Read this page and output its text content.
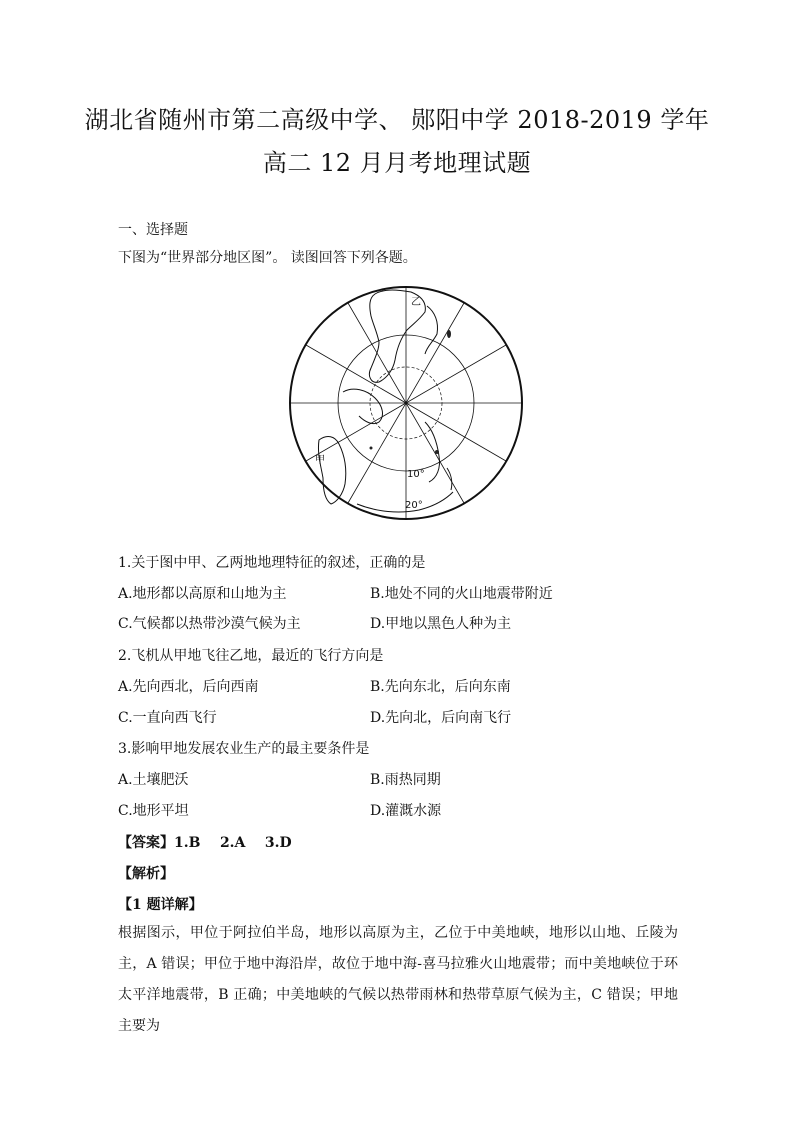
湖北省随州市第二高级中学、 郧阳中学 2018-2019 学年
高二 12 月月考地理试题
一、选择题
下图为“世界部分地区图”。 读图回答下列各题。
乙
甲
10°
20°
1.关于图中甲、乙两地地理特征的叙述，正确的是
A.地形都以高原和山地为主	B.地处不同的火山地震带附近
C.气候都以热带沙漠气候为主	D.甲地以黑色人种为主
2.飞机从甲地飞往乙地，最近的飞行方向是
A.先向西北，后向西南	B.先向东北，后向东南
C.一直向西飞行	D.先向北，后向南飞行
3.影响甲地发展农业生产的最主要条件是
A.土壤肥沃	B.雨热同期
C.地形平坦	D.灌溉水源
【答案】1.B    2.A    3.D
【解析】
【1 题详解】
根据图示，甲位于阿拉伯半岛，地形以高原为主，乙位于中美地峡，地形以山地、丘陵为主，A 错误；甲位于地中海沿岸，故位于地中海-喜马拉雅火山地震带；而中美地峡位于环太平洋地震带，B 正确；中美地峡的气候以热带雨林和热带草原气候为主，C 错误；甲地主要为
